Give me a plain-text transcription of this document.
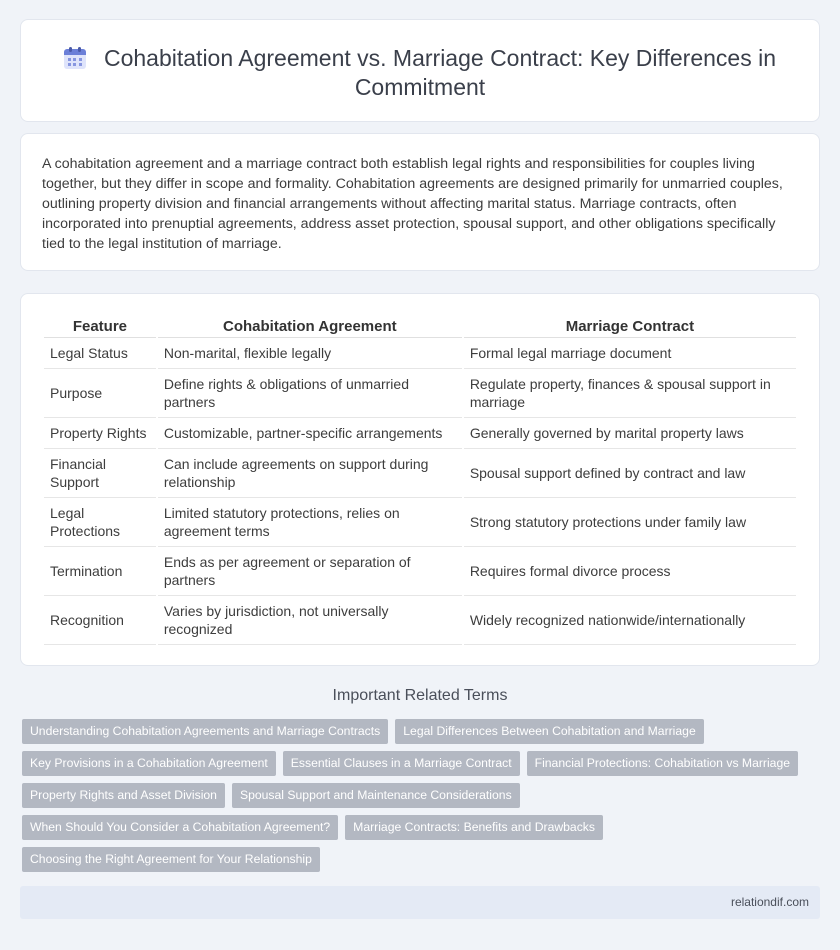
Cohabitation Agreement vs. Marriage Contract: Key Differences in Commitment

A cohabitation agreement and a marriage contract both establish legal rights and responsibilities for couples living together, but they differ in scope and formality. Cohabitation agreements are designed primarily for unmarried couples, outlining property division and financial arrangements without affecting marital status. Marriage contracts, often incorporated into prenuptial agreements, address asset protection, spousal support, and other obligations specifically tied to the legal institution of marriage.

Feature	Cohabitation Agreement	Marriage Contract
Legal Status	Non-marital, flexible legally	Formal legal marriage document
Purpose	Define rights & obligations of unmarried partners	Regulate property, finances & spousal support in marriage
Property Rights	Customizable, partner-specific arrangements	Generally governed by marital property laws
Financial Support	Can include agreements on support during relationship	Spousal support defined by contract and law
Legal Protections	Limited statutory protections, relies on agreement terms	Strong statutory protections under family law
Termination	Ends as per agreement or separation of partners	Requires formal divorce process
Recognition	Varies by jurisdiction, not universally recognized	Widely recognized nationwide/internationally
Important Related Terms
Understanding Cohabitation Agreements and Marriage Contracts	Legal Differences Between Cohabitation and Marriage
Key Provisions in a Cohabitation Agreement	Essential Clauses in a Marriage Contract	Financial Protections: Cohabitation vs Marriage
Property Rights and Asset Division	Spousal Support and Maintenance Considerations
When Should You Consider a Cohabitation Agreement?	Marriage Contracts: Benefits and Drawbacks
Choosing the Right Agreement for Your Relationship
relationdif.com
